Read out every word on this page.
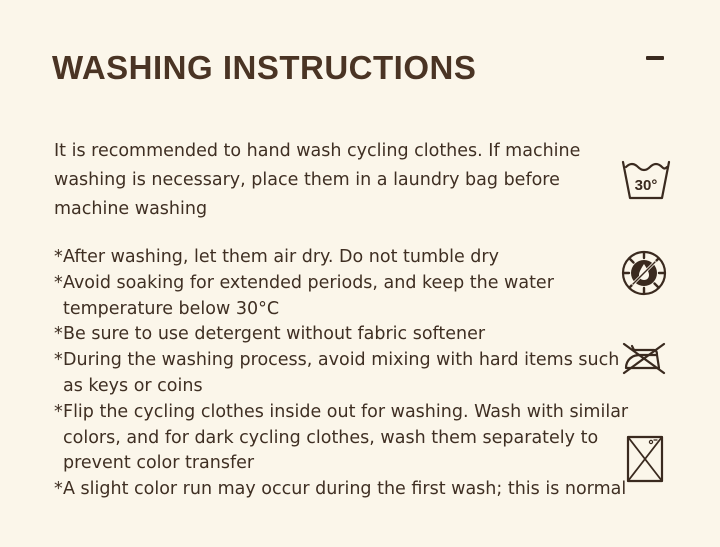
WASHING INSTRUCTIONS

It is recommended to hand wash cycling clothes. If machine washing is necessary, place them in a laundry bag before machine washing

* After washing, let them air dry. Do not tumble dry
* Avoid soaking for extended periods, and keep the water temperature below 30°C
* Be sure to use detergent without fabric softener
* During the washing process, avoid mixing with hard items such as keys or coins
* Flip the cycling clothes inside out for washing. Wash with similar colors, and for dark cycling clothes, wash them separately to prevent color transfer
* A slight color run may occur during the first wash; this is normal
30°
